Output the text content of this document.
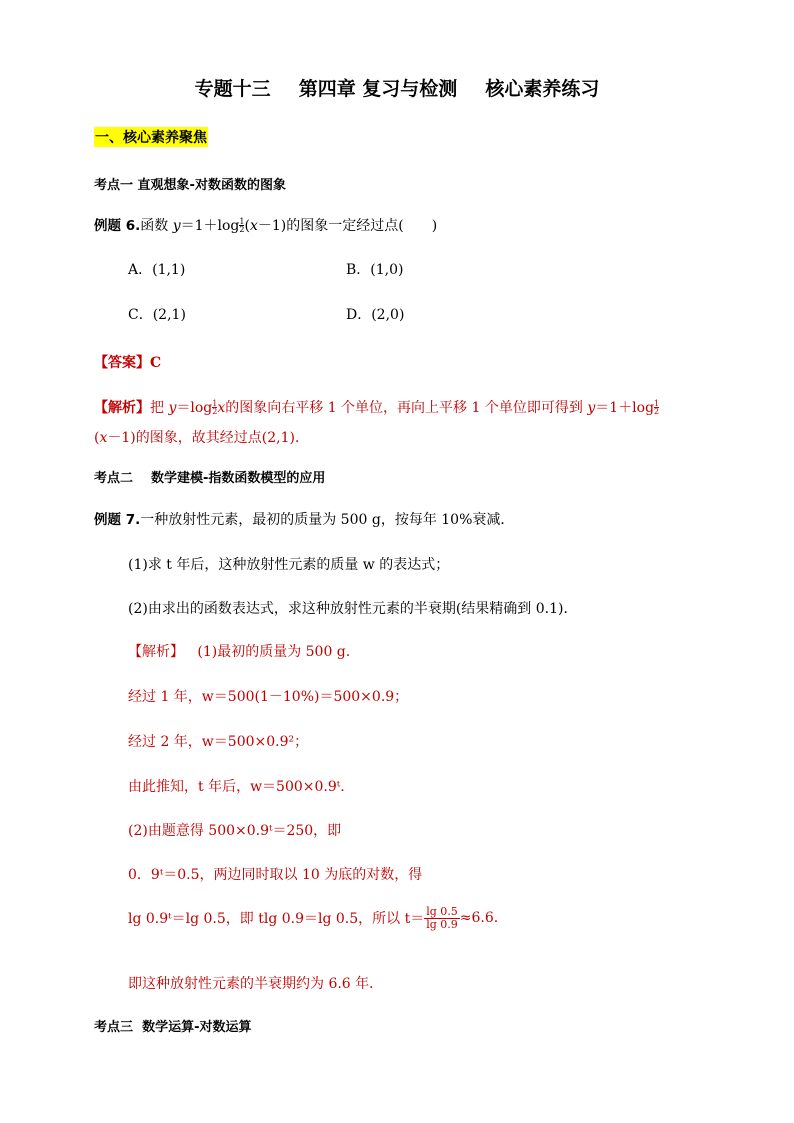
专题十三 第四章 复习与检测 核心素养练习
一、核心素养聚焦
考点一 直观想象-对数函数的图象
例题 6.函数 $y=1+\log \frac{1}{2} (x-1)$的图象一定经过点(　　)
A．(1,1)	B．(1,0)
C．(2,1)	D．(2,0)
【答案】C
【解析】把 $y=\log \frac{1}{2}$ x的图象向右平移 1 个单位，再向上平移 1 个单位即可得到 $y=1+\log \frac{1}{2}$
(x－1)的图象，故其经过点(2,1)．
考点二 数学建模-指数函数模型的应用
例题 7.一种放射性元素，最初的质量为 500 g，按每年 10%衰减．
(1)求 t 年后，这种放射性元素的质量 w 的表达式；
(2)由求出的函数表达式，求这种放射性元素的半衰期(结果精确到 0.1)．
【解析】 (1)最初的质量为 500 g.
经过 1 年，w＝500(1－10%)＝500×0.9；
经过 2 年，w＝500×0.9²；
由此推知，t 年后，w＝500×0.9ᵗ.
(2)由题意得 500×0.9ᵗ＝250，即
0．9ᵗ＝0.5，两边同时取以 10 为底的对数，得
lg 0.9ᵗ＝lg 0.5，即 tlg 0.9＝lg 0.5，所以 $t= \frac{\lg 0.5}{\lg 0.9} \approx 6.6$.
即这种放射性元素的半衰期约为 6.6 年．
考点三 数学运算-对数运算
